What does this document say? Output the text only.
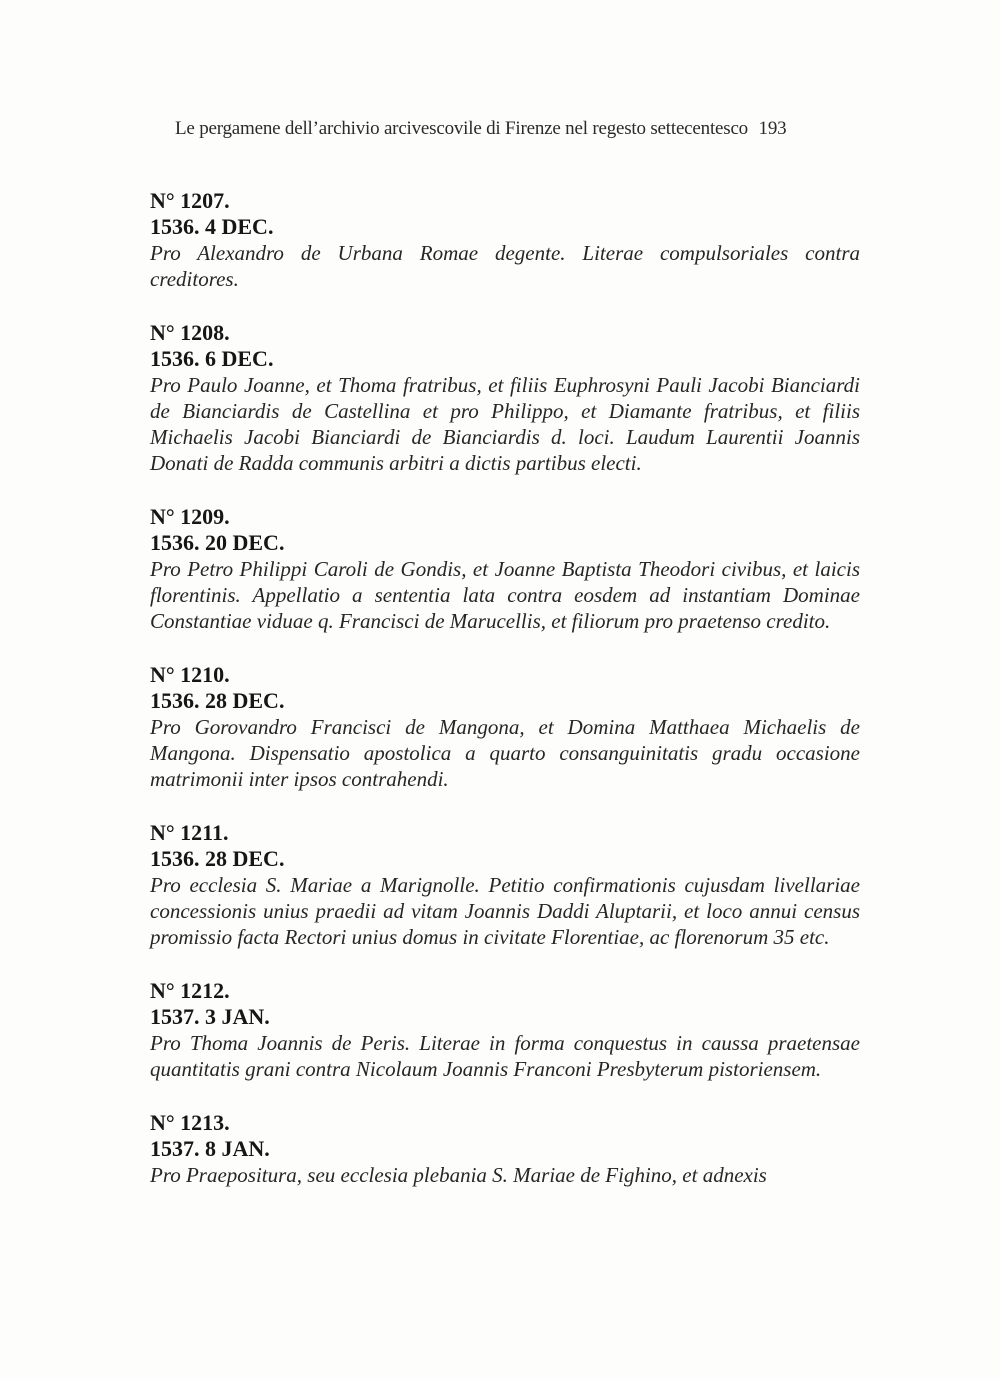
Le pergamene dell’archivio arcivescovile di Firenze nel regesto settecentesco 193

N° 1207.

1536. 4 DEC.

Pro Alexandro de Urbana Romae degente. Literae compulsoriales contra creditores.

N° 1208.

1536. 6 DEC.

Pro Paulo Joanne, et Thoma fratribus, et filiis Euphrosyni Pauli Jacobi Bianciardi de Bianciardis de Castellina et pro Philippo, et Diamante fratribus, et filiis Michaelis Jacobi Bianciardi de Bianciardis d. loci. Laudum Laurentii Joannis Donati de Radda communis arbitri a dictis partibus electi.

N° 1209.

1536. 20 DEC.

Pro Petro Philippi Caroli de Gondis, et Joanne Baptista Theodori civibus, et laicis florentinis. Appellatio a sententia lata contra eosdem ad instantiam Dominae Constantiae viduae q. Francisci de Marucellis, et filiorum pro praetenso credito.

N° 1210.

1536. 28 DEC.

Pro Gorovandro Francisci de Mangona, et Domina Matthaea Michaelis de Mangona. Dispensatio apostolica a quarto consanguinitatis gradu occasione matrimonii inter ipsos contrahendi.

N° 1211.

1536. 28 DEC.

Pro ecclesia S. Mariae a Marignolle. Petitio confirmationis cujusdam livellariae concessionis unius praedii ad vitam Joannis Daddi Aluptarii, et loco annui census promissio facta Rectori unius domus in civitate Florentiae, ac florenorum 35 etc.

N° 1212.

1537. 3 JAN.

Pro Thoma Joannis de Peris. Literae in forma conquestus in caussa praetensae quantitatis grani contra Nicolaum Joannis Franconi Presbyterum pistoriensem.

N° 1213.

1537. 8 JAN.

Pro Praepositura, seu ecclesia plebania S. Mariae de Fighino, et adnexis
